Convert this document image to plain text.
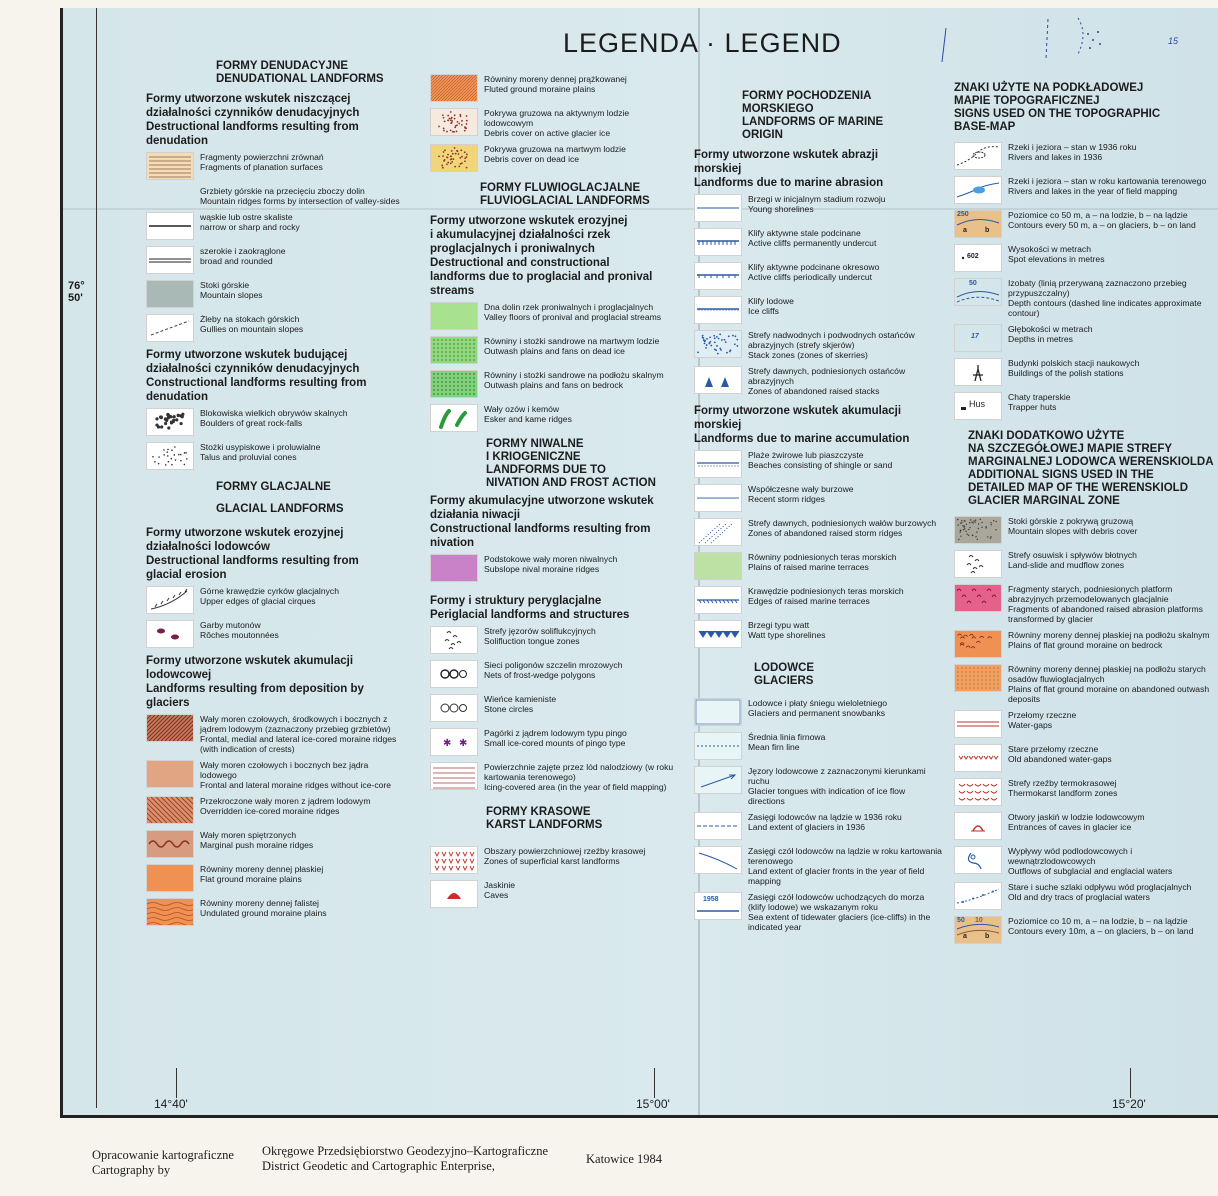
76°
50'
14°40'	15°00'	15°20'
15
LEGENDA · LEGEND
FORMY DENUDACYJNE
DENUDATIONAL LANDFORMS
Formy utworzone wskutek niszczącej
działalności czynników denudacyjnych
Destructional landforms resulting from
denudation
Fragmenty powierzchni zrównań
Fragments of planation surfaces
Grzbiety górskie na przecięciu zboczy dolin
Mountain ridges forms by intersection of valley-sides
wąskie lub ostre skaliste
narrow or sharp and rocky
szerokie i zaokrąglone
broad and rounded
Stoki górskie
Mountain slopes
Żleby na stokach górskich
Gullies on mountain slopes
Formy utworzone wskutek budującej
działalności czynników denudacyjnych
Constructional landforms resulting from
denudation
Blokowiska wielkich obrywów skalnych
Boulders of great rock-falls
Stożki usypiskowe i proluwialne
Talus and proluvial cones
FORMY GLACJALNE
GLACIAL LANDFORMS
Formy utworzone wskutek erozyjnej
działalności lodowców
Destructional landforms resulting from
glacial erosion
Górne krawędzie cyrków glacjalnych
Upper edges of glacial cirques
Garby mutonów
Rôches moutonnées
Formy utworzone wskutek akumulacji
lodowcowej
Landforms resulting from deposition by
glaciers
Wały moren czołowych, środkowych i bocznych z jądrem lodowym (zaznaczony przebieg grzbietów)
Frontal, medial and lateral ice-cored moraine ridges (with indication of crests)
Wały moren czołowych i bocznych bez jądra lodowego
Frontal and lateral moraine ridges without ice-core
Przekroczone wały moren z jądrem lodowym
Overridden ice-cored moraine ridges
Wały moren spiętrzonych
Marginal push moraine ridges
Równiny moreny dennej płaskiej
Flat ground moraine plains
Równiny moreny dennej falistej
Undulated ground moraine plains
Równiny moreny dennej prążkowanej
Fluted ground moraine plains
Pokrywa gruzowa na aktywnym lodzie lodowcowym
Debris cover on active glacier ice
Pokrywa gruzowa na martwym lodzie
Debris cover on dead ice
FORMY FLUWIOGLACJALNE
FLUVIOGLACIAL LANDFORMS
Formy utworzone wskutek erozyjnej
i akumulacyjnej działalności rzek
proglacjalnych i proniwalnych
Destructional and constructional
landforms due to proglacial and pronival
streams
Dna dolin rzek proniwalnych i proglacjalnych
Valley floors of pronival and proglacial streams
Równiny i stożki sandrowe na martwym lodzie
Outwash plains and fans on dead ice
Równiny i stożki sandrowe na podłożu skalnym
Outwash plains and fans on bedrock
Wały ozów i kemów
Esker and kame ridges
FORMY NIWALNE
I KRIOGENICZNE
LANDFORMS DUE TO
NIVATION AND FROST ACTION
Formy akumulacyjne utworzone wskutek
działania niwacji
Constructional landforms resulting from
nivation
Podstokowe wały moren niwalnych
Subslope nival moraine ridges
Formy i struktury peryglacjalne
Periglacial landforms and structures
Strefy jęzorów soliflukcyjnych
Solifluction tongue zones
Sieci poligonów szczelin mrozowych
Nets of frost-wedge polygons
Wieńce kamieniste
Stone circles
✱ ✱
Pagórki z jądrem lodowym typu pingo
Small ice-cored mounts of pingo type
Powierzchnie zajęte przez lód nalodziowy (w roku kartowania terenowego)
Icing-covered area (in the year of field mapping)
FORMY KRASOWE
KARST LANDFORMS
Obszary powierzchniowej rzeźby krasowej
Zones of superficial karst landforms
Jaskinie
Caves
FORMY POCHODZENIA
MORSKIEGO
LANDFORMS OF MARINE
ORIGIN
Formy utworzone wskutek abrazji
morskiej
Landforms due to marine abrasion
Brzegi w inicjalnym stadium rozwoju
Young shorelines
Klify aktywne stale podcinane
Active cliffs permanently undercut
Klify aktywne podcinane okresowo
Active cliffs periodically undercut
Klify lodowe
Ice cliffs
Strefy nadwodnych i podwodnych ostańców abrazyjnych (strefy skjerów)
Stack zones (zones of skerries)
Strefy dawnych, podniesionych ostańców abrazyjnych
Zones of abandoned raised stacks
Formy utworzone wskutek akumulacji
morskiej
Landforms due to marine accumulation
Plaże żwirowe lub piaszczyste
Beaches consisting of shingle or sand
Współczesne wały burzowe
Recent storm ridges
Strefy dawnych, podniesionych wałów burzowych
Zones of abandoned raised storm ridges
Równiny podniesionych teras morskich
Plains of raised marine terraces
Krawędzie podniesionych teras morskich
Edges of raised marine terraces
Brzegi typu watt
Watt type shorelines
LODOWCE
GLACIERS
Lodowce i płaty śniegu wieloletniego
Glaciers and permanent snowbanks
Średnia linia firnowa
Mean firn line
Jęzory lodowcowe z zaznaczonymi kierunkami ruchu
Glacier tongues with indication of ice flow directions
Zasięgi lodowców na lądzie w 1936 roku
Land extent of glaciers in 1936
Zasięgi czół lodowców na lądzie w roku kartowania terenowego
Land extent of glacier fronts in the year of field mapping
1958	Zasięgi czół lodowców uchodzących do morza (klify lodowe) we wskazanym roku
Sea extent of tidewater glaciers (ice-cliffs) in the indicated year
ZNAKI UŻYTE NA PODKŁADOWEJ
MAPIE TOPOGRAFICZNEJ
SIGNS USED ON THE TOPOGRAPHIC
BASE-MAP
Rzeki i jeziora – stan w 1936 roku
Rivers and lakes in 1936
Rzeki i jeziora – stan w roku kartowania terenowego
Rivers and lakes in the year of field mapping
250
a	b
Poziomice co 50 m, a – na lodzie, b – na lądzie
Contours every 50 m, a – on glaciers, b – on land
602
Wysokości w metrach
Spot elevations in metres
50	Izobaty (linią przerywaną zaznaczono przebieg przypuszczalny)
Depth contours (dashed line indicates approximate contour)
17
Głębokości w metrach
Depths in metres
Budynki polskich stacji naukowych
Buildings of the polish stations
Hus
Chaty traperskie
Trapper huts
ZNAKI DODATKOWO UŻYTE
NA SZCZEGÓŁOWEJ MAPIE STREFY
MARGINALNEJ LODOWCA WERENSKIOLDA
ADDITIONAL SIGNS USED IN THE
DETAILED MAP OF THE WERENSKIOLD
GLACIER MARGINAL ZONE
Stoki górskie z pokrywą gruzową
Mountain slopes with debris cover
Strefy osuwisk i spływów błotnych
Land-slide and mudflow zones
Fragmenty starych, podniesionych platform abrazyjnych przemodelowanych glacjalnie
Fragments of abandoned raised abrasion platforms transformed by glacier
Równiny moreny dennej płaskiej na podłożu skalnym
Plains of flat ground moraine on bedrock
Równiny moreny dennej płaskiej na podłożu starych osadów fluwioglacjalnych
Plains of flat ground moraine on abandoned outwash deposits
Przełomy rzeczne
Water-gaps
Stare przełomy rzeczne
Old abandoned water-gaps
Strefy rzeźby termokrasowej
Thermokarst landform zones
Otwory jaskiń w lodzie lodowcowym
Entrances of caves in glacier ice
Wypływy wód podlodowcowych i wewnątrzlodowcowych
Outflows of subglacial and englacial waters
Stare i suche szlaki odpływu wód proglacjalnych
Old and dry tracs of proglacial waters
50 10
a	b
Poziomice co 10 m, a – na lodzie, b – na lądzie
Contours every 10m, a – on glaciers, b – on land
Opracowanie kartograficzne
Cartography by
Okręgowe Przedsiębiorstwo Geodezyjno–Kartograficzne
District Geodetic and Cartographic Enterprise,	Katowice 1984
